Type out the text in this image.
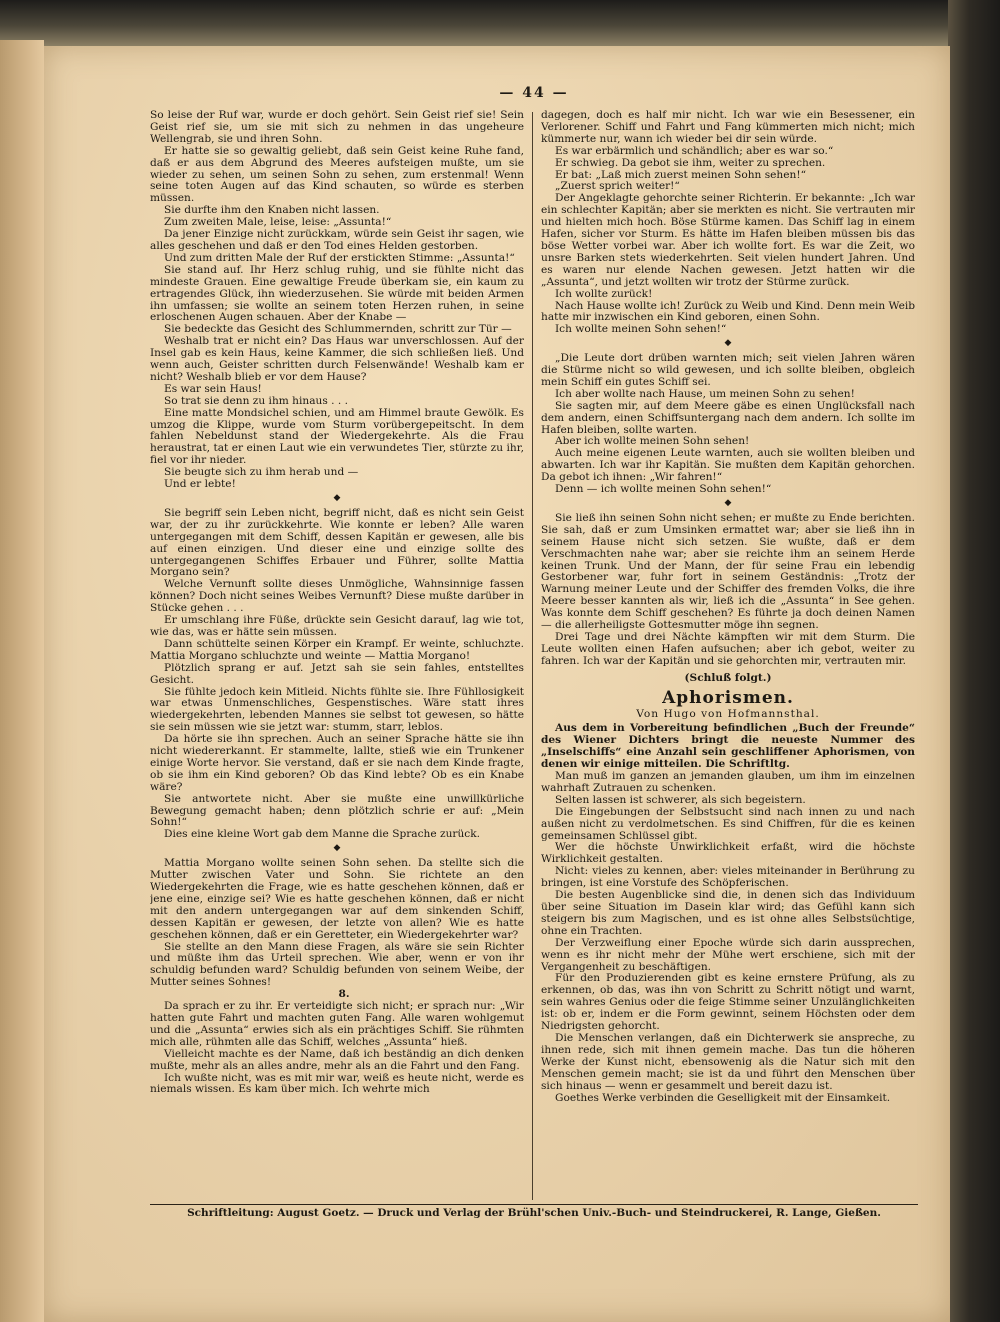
— 44 —

So leise der Ruf war, wurde er doch gehört. Sein Geist rief sie! Sein Geist rief sie, um sie mit sich zu nehmen in das ungeheure Wellengrab, sie und ihren Sohn.

Er hatte sie so gewaltig geliebt, daß sein Geist keine Ruhe fand, daß er aus dem Abgrund des Meeres aufsteigen mußte, um sie wieder zu sehen, um seinen Sohn zu sehen, zum erstenmal! Wenn seine toten Augen auf das Kind schauten, so würde es sterben müssen.

Sie durfte ihm den Knaben nicht lassen.

Zum zweiten Male, leise, leise: „Assunta!“

Da jener Einzige nicht zurückkam, würde sein Geist ihr sagen, wie alles geschehen und daß er den Tod eines Helden gestorben.

Und zum dritten Male der Ruf der erstickten Stimme: „Assunta!“

Sie stand auf. Ihr Herz schlug ruhig, und sie fühlte nicht das mindeste Grauen. Eine gewaltige Freude überkam sie, ein kaum zu ertragendes Glück, ihn wiederzusehen. Sie würde mit beiden Armen ihn umfassen; sie wollte an seinem toten Herzen ruhen, in seine erloschenen Augen schauen. Aber der Knabe —

Sie bedeckte das Gesicht des Schlummernden, schritt zur Tür —

Weshalb trat er nicht ein? Das Haus war unverschlossen. Auf der Insel gab es kein Haus, keine Kammer, die sich schließen ließ. Und wenn auch, Geister schritten durch Felsenwände! Weshalb kam er nicht? Weshalb blieb er vor dem Hause?

Es war sein Haus!

So trat sie denn zu ihm hinaus . . .

Eine matte Mondsichel schien, und am Himmel braute Gewölk. Es umzog die Klippe, wurde vom Sturm vorübergepeitscht. In dem fahlen Nebeldunst stand der Wiedergekehrte. Als die Frau heraustrat, tat er einen Laut wie ein verwundetes Tier, stürzte zu ihr, fiel vor ihr nieder.

Sie beugte sich zu ihm herab und —

Und er lebte!

◆

Sie begriff sein Leben nicht, begriff nicht, daß es nicht sein Geist war, der zu ihr zurückkehrte. Wie konnte er leben? Alle waren untergegangen mit dem Schiff, dessen Kapitän er gewesen, alle bis auf einen einzigen. Und dieser eine und einzige sollte des untergegangenen Schiffes Erbauer und Führer, sollte Mattia Morgano sein?

Welche Vernunft sollte dieses Unmögliche, Wahnsinnige fassen können? Doch nicht seines Weibes Vernunft? Diese mußte darüber in Stücke gehen . . .

Er umschlang ihre Füße, drückte sein Gesicht darauf, lag wie tot, wie das, was er hätte sein müssen.

Dann schüttelte seinen Körper ein Krampf. Er weinte, schluchzte. Mattia Morgano schluchzte und weinte — Mattia Morgano!

Plötzlich sprang er auf. Jetzt sah sie sein fahles, entstelltes Gesicht.

Sie fühlte jedoch kein Mitleid. Nichts fühlte sie. Ihre Fühllosigkeit war etwas Unmenschliches, Gespenstisches. Wäre statt ihres wiedergekehrten, lebenden Mannes sie selbst tot gewesen, so hätte sie sein müssen wie sie jetzt war: stumm, starr, leblos.

Da hörte sie ihn sprechen. Auch an seiner Sprache hätte sie ihn nicht wiedererkannt. Er stammelte, lallte, stieß wie ein Trunkener einige Worte hervor. Sie verstand, daß er sie nach dem Kinde fragte, ob sie ihm ein Kind geboren? Ob das Kind lebte? Ob es ein Knabe wäre?

Sie antwortete nicht. Aber sie mußte eine unwillkürliche Bewegung gemacht haben; denn plötzlich schrie er auf: „Mein Sohn!“

Dies eine kleine Wort gab dem Manne die Sprache zurück.

◆

Mattia Morgano wollte seinen Sohn sehen. Da stellte sich die Mutter zwischen Vater und Sohn. Sie richtete an den Wiedergekehrten die Frage, wie es hatte geschehen können, daß er jene eine, einzige sei? Wie es hatte geschehen können, daß er nicht mit den andern untergegangen war auf dem sinkenden Schiff, dessen Kapitän er gewesen, der letzte von allen? Wie es hatte geschehen können, daß er ein Geretteter, ein Wiedergekehrter war?

Sie stellte an den Mann diese Fragen, als wäre sie sein Richter und müßte ihm das Urteil sprechen. Wie aber, wenn er von ihr schuldig befunden ward? Schuldig befunden von seinem Weibe, der Mutter seines Sohnes!

8.

Da sprach er zu ihr. Er verteidigte sich nicht; er sprach nur: „Wir hatten gute Fahrt und machten guten Fang. Alle waren wohlgemut und die „Assunta“ erwies sich als ein prächtiges Schiff. Sie rühmten mich alle, rühmten alle das Schiff, welches „Assunta“ hieß.

Vielleicht machte es der Name, daß ich beständig an dich denken mußte, mehr als an alles andre, mehr als an die Fahrt und den Fang.

Ich wußte nicht, was es mit mir war, weiß es heute nicht, werde es niemals wissen. Es kam über mich. Ich wehrte mich

dagegen, doch es half mir nicht. Ich war wie ein Besessener, ein Verlorener. Schiff und Fahrt und Fang kümmerten mich nicht; mich kümmerte nur, wann ich wieder bei dir sein würde.

Es war erbärmlich und schändlich; aber es war so.“

Er schwieg. Da gebot sie ihm, weiter zu sprechen.

Er bat: „Laß mich zuerst meinen Sohn sehen!“

„Zuerst sprich weiter!“

Der Angeklagte gehorchte seiner Richterin. Er bekannte: „Ich war ein schlechter Kapitän; aber sie merkten es nicht. Sie vertrauten mir und hielten mich hoch. Böse Stürme kamen. Das Schiff lag in einem Hafen, sicher vor Sturm. Es hätte im Hafen bleiben müssen bis das böse Wetter vorbei war. Aber ich wollte fort. Es war die Zeit, wo unsre Barken stets wiederkehrten. Seit vielen hundert Jahren. Und es waren nur elende Nachen gewesen. Jetzt hatten wir die „Assunta“, und jetzt wollten wir trotz der Stürme zurück.

Ich wollte zurück!

Nach Hause wollte ich! Zurück zu Weib und Kind. Denn mein Weib hatte mir inzwischen ein Kind geboren, einen Sohn.

Ich wollte meinen Sohn sehen!“

◆

„Die Leute dort drüben warnten mich; seit vielen Jahren wären die Stürme nicht so wild gewesen, und ich sollte bleiben, obgleich mein Schiff ein gutes Schiff sei.

Ich aber wollte nach Hause, um meinen Sohn zu sehen!

Sie sagten mir, auf dem Meere gäbe es einen Unglücksfall nach dem andern, einen Schiffsuntergang nach dem andern. Ich sollte im Hafen bleiben, sollte warten.

Aber ich wollte meinen Sohn sehen!

Auch meine eigenen Leute warnten, auch sie wollten bleiben und abwarten. Ich war ihr Kapitän. Sie mußten dem Kapitän gehorchen. Da gebot ich ihnen: „Wir fahren!“

Denn — ich wollte meinen Sohn sehen!“

◆

Sie ließ ihn seinen Sohn nicht sehen; er mußte zu Ende berichten. Sie sah, daß er zum Umsinken ermattet war; aber sie ließ ihn in seinem Hause nicht sich setzen. Sie wußte, daß er dem Verschmachten nahe war; aber sie reichte ihm an seinem Herde keinen Trunk. Und der Mann, der für seine Frau ein lebendig Gestorbener war, fuhr fort in seinem Geständnis: „Trotz der Warnung meiner Leute und der Schiffer des fremden Volks, die ihre Meere besser kannten als wir, ließ ich die „Assunta“ in See gehen. Was konnte dem Schiff geschehen? Es führte ja doch deinen Namen — die allerheiligste Gottesmutter möge ihn segnen.

Drei Tage und drei Nächte kämpften wir mit dem Sturm. Die Leute wollten einen Hafen aufsuchen; aber ich gebot, weiter zu fahren. Ich war der Kapitän und sie gehorchten mir, vertrauten mir.

(Schluß folgt.)

Aphorismen.
Von Hugo von Hofmannsthal.

Aus dem in Vorbereitung befindlichen „Buch der Freunde“ des Wiener Dichters bringt die neueste Nummer des „Inselschiffs“ eine Anzahl sein geschliffener Aphorismen, von denen wir einige mitteilen. Die Schriftltg.

Man muß im ganzen an jemanden glauben, um ihm im einzelnen wahrhaft Zutrauen zu schenken.

Selten lassen ist schwerer, als sich begeistern.

Die Eingebungen der Selbstsucht sind nach innen zu und nach außen nicht zu verdolmetschen. Es sind Chiffren, für die es keinen gemeinsamen Schlüssel gibt.

Wer die höchste Unwirklichkeit erfaßt, wird die höchste Wirklichkeit gestalten.

Nicht: vieles zu kennen, aber: vieles miteinander in Berührung zu bringen, ist eine Vorstufe des Schöpferischen.

Die besten Augenblicke sind die, in denen sich das Individuum über seine Situation im Dasein klar wird; das Gefühl kann sich steigern bis zum Magischen, und es ist ohne alles Selbstsüchtige, ohne ein Trachten.

Der Verzweiflung einer Epoche würde sich darin aussprechen, wenn es ihr nicht mehr der Mühe wert erschiene, sich mit der Vergangenheit zu beschäftigen.

Für den Produzierenden gibt es keine ernstere Prüfung, als zu erkennen, ob das, was ihn von Schritt zu Schritt nötigt und warnt, sein wahres Genius oder die feige Stimme seiner Unzulänglichkeiten ist: ob er, indem er die Form gewinnt, seinem Höchsten oder dem Niedrigsten gehorcht.

Die Menschen verlangen, daß ein Dichterwerk sie anspreche, zu ihnen rede, sich mit ihnen gemein mache. Das tun die höheren Werke der Kunst nicht, ebensowenig als die Natur sich mit den Menschen gemein macht; sie ist da und führt den Menschen über sich hinaus — wenn er gesammelt und bereit dazu ist.

Goethes Werke verbinden die Geselligkeit mit der Einsamkeit.

Schriftleitung: August Goetz. — Druck und Verlag der Brühl'schen Univ.-Buch- und Steindruckerei, R. Lange, Gießen.
